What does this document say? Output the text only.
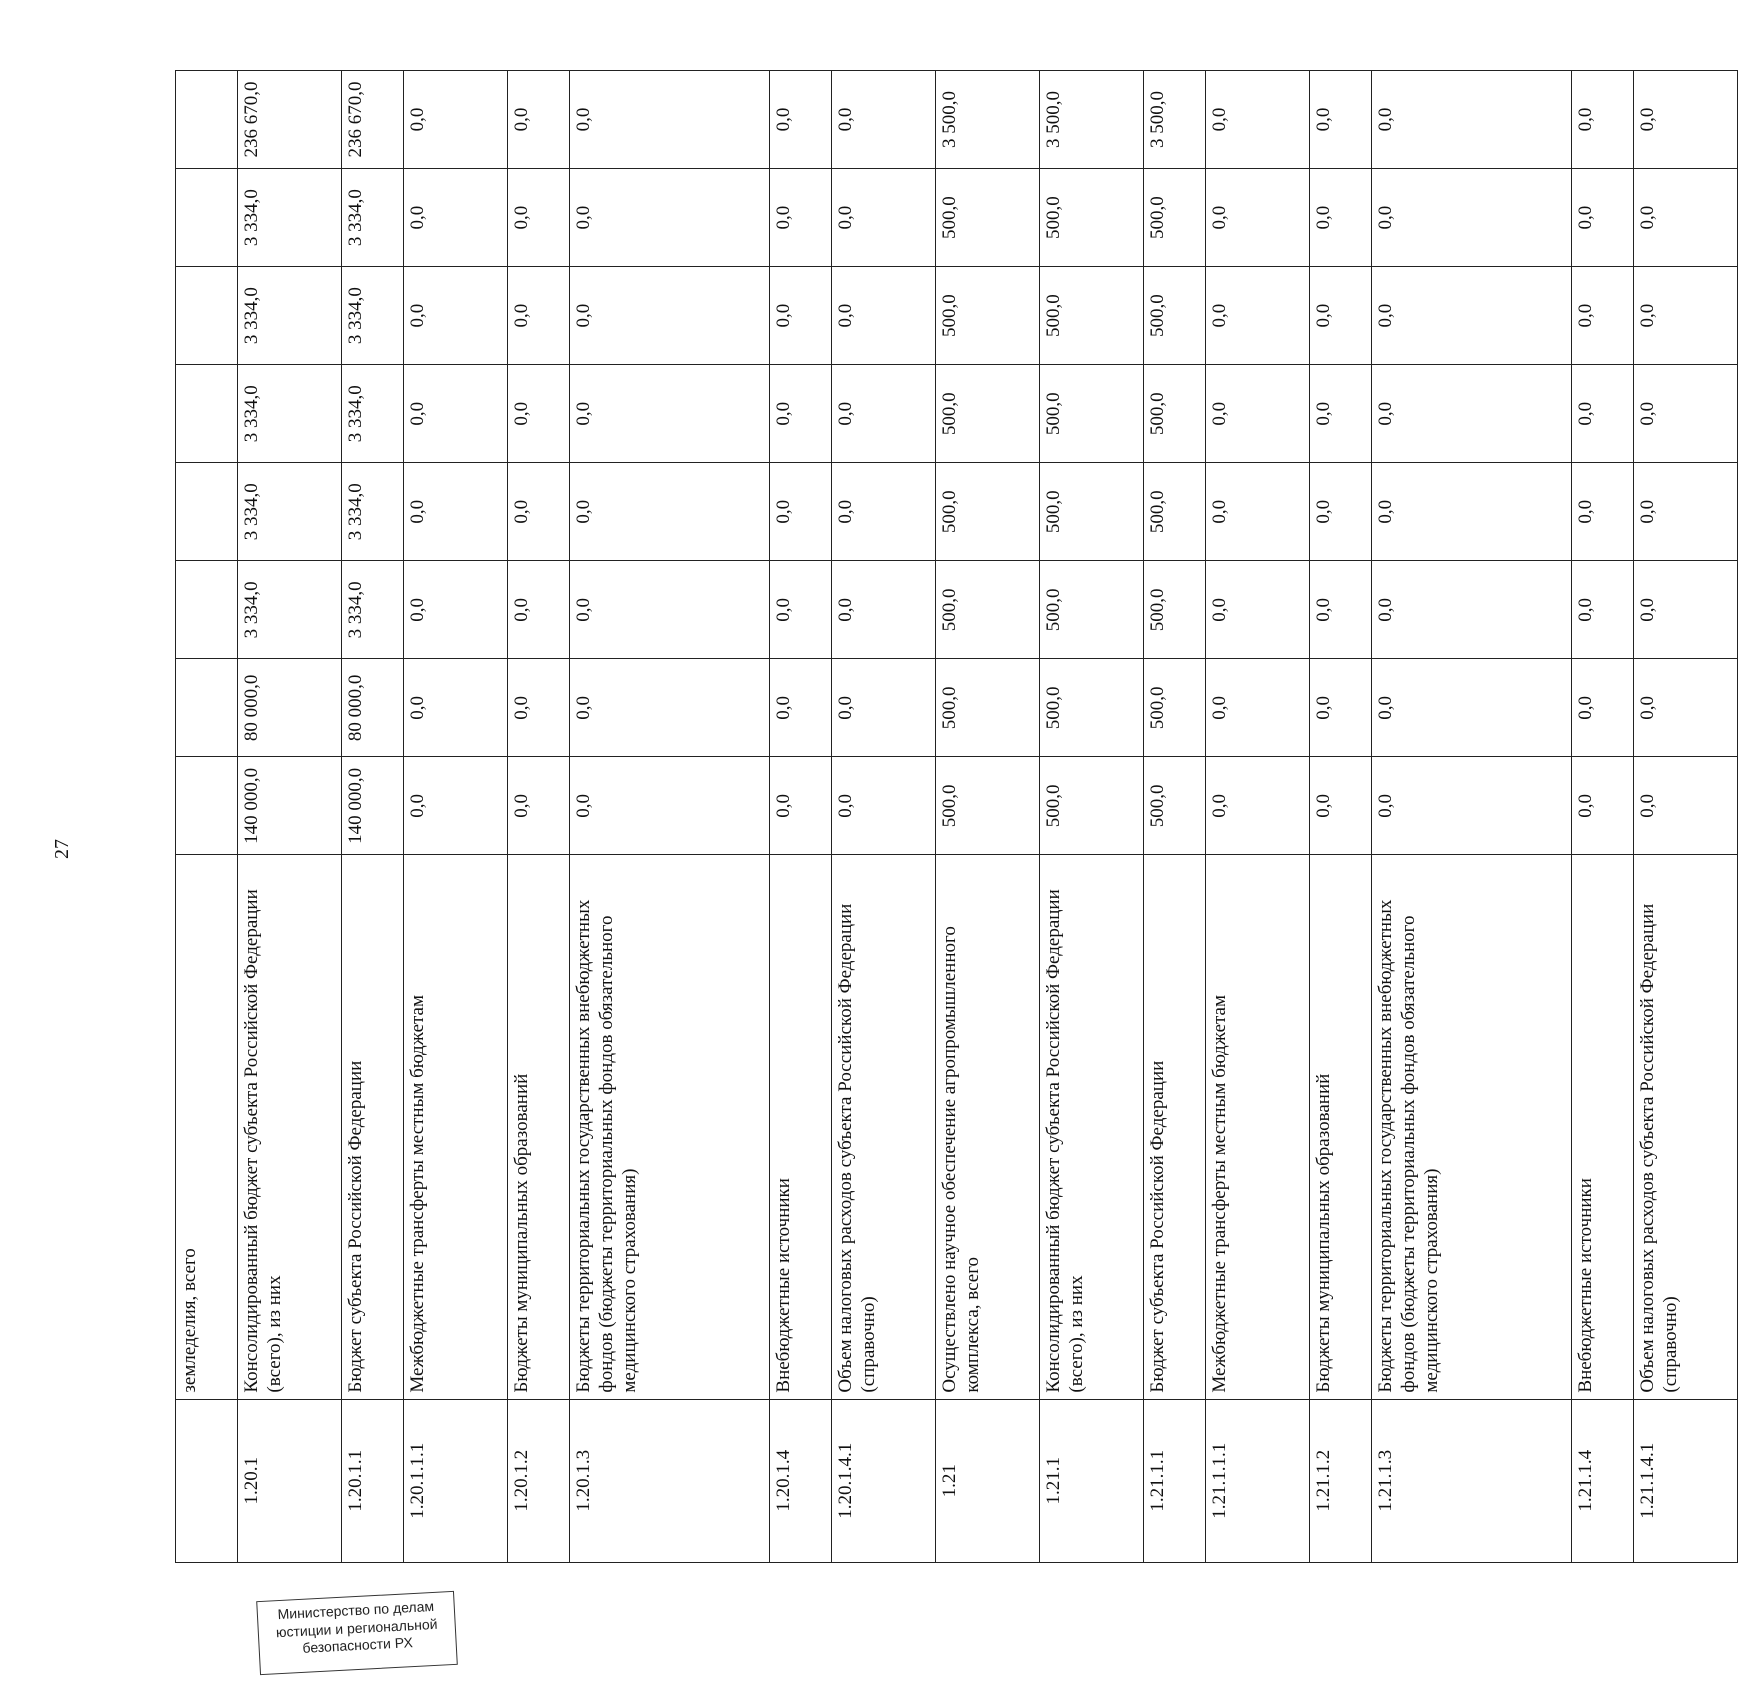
27
	земледелия, всего								
1.20.1	Консолидированный бюджет субъекта Российской Федерации (всего), из них	140 000,0	80 000,0	3 334,0	3 334,0	3 334,0	3 334,0	3 334,0	236 670,0
1.20.1.1	Бюджет субъекта Российской Федерации	140 000,0	80 000,0	3 334,0	3 334,0	3 334,0	3 334,0	3 334,0	236 670,0
1.20.1.1.1	Межбюджетные трансферты местным бюджетам	0,0	0,0	0,0	0,0	0,0	0,0	0,0	0,0
1.20.1.2	Бюджеты муниципальных образований	0,0	0,0	0,0	0,0	0,0	0,0	0,0	0,0
1.20.1.3	Бюджеты территориальных государственных внебюджетных фондов (бюджеты территориальных фондов обязательного медицинского страхования)	0,0	0,0	0,0	0,0	0,0	0,0	0,0	0,0
1.20.1.4	Внебюджетные источники	0,0	0,0	0,0	0,0	0,0	0,0	0,0	0,0
1.20.1.4.1	Объем налоговых расходов субъекта Российской Федерации (справочно)	0,0	0,0	0,0	0,0	0,0	0,0	0,0	0,0
1.21	Осуществлено научное обеспечение агропромышленного комплекса, всего	500,0	500,0	500,0	500,0	500,0	500,0	500,0	3 500,0
1.21.1	Консолидированный бюджет субъекта Российской Федерации (всего), из них	500,0	500,0	500,0	500,0	500,0	500,0	500,0	3 500,0
1.21.1.1	Бюджет субъекта Российской Федерации	500,0	500,0	500,0	500,0	500,0	500,0	500,0	3 500,0
1.21.1.1.1	Межбюджетные трансферты местным бюджетам	0,0	0,0	0,0	0,0	0,0	0,0	0,0	0,0
1.21.1.2	Бюджеты муниципальных образований	0,0	0,0	0,0	0,0	0,0	0,0	0,0	0,0
1.21.1.3	Бюджеты территориальных государственных внебюджетных фондов (бюджеты территориальных фондов обязательного медицинского страхования)	0,0	0,0	0,0	0,0	0,0	0,0	0,0	0,0
1.21.1.4	Внебюджетные источники	0,0	0,0	0,0	0,0	0,0	0,0	0,0	0,0
1.21.1.4.1	Объем налоговых расходов субъекта Российской Федерации (справочно)	0,0	0,0	0,0	0,0	0,0	0,0	0,0	0,0
Министерство по делам
юстиции и региональной
безопасности РХ
